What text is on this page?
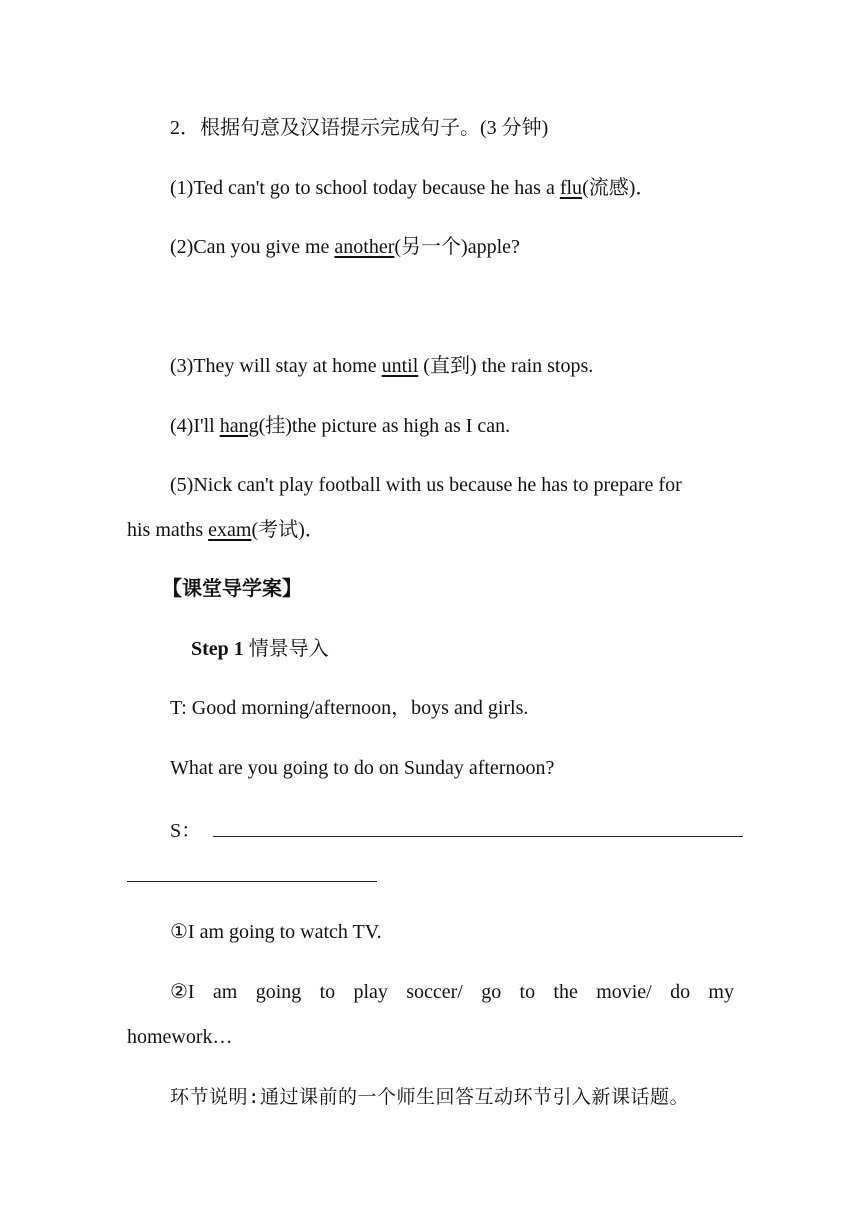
2．根据句意及汉语提示完成句子。(3 分钟)
(1)Ted can't go to school today because he has a flu(流感)．
(2)Can you give me another(另一个)apple?
(3)They will stay at home until (直到) the rain stops.
(4)I'll hang(挂)the picture as high as I can.
(5)Nick can't play football with us because he has to prepare for
his maths exam(考试)．
【课堂导学案】
Step 1 情景导入
T: Good morning/afternoon，boys and girls.
What are you going to do on Sunday afternoon?
S：
①I am going to watch TV.
②I am going to play soccer/ go to the movie/ do my
homework…
环节说明:通过课前的一个师生回答互动环节引入新课话题。
